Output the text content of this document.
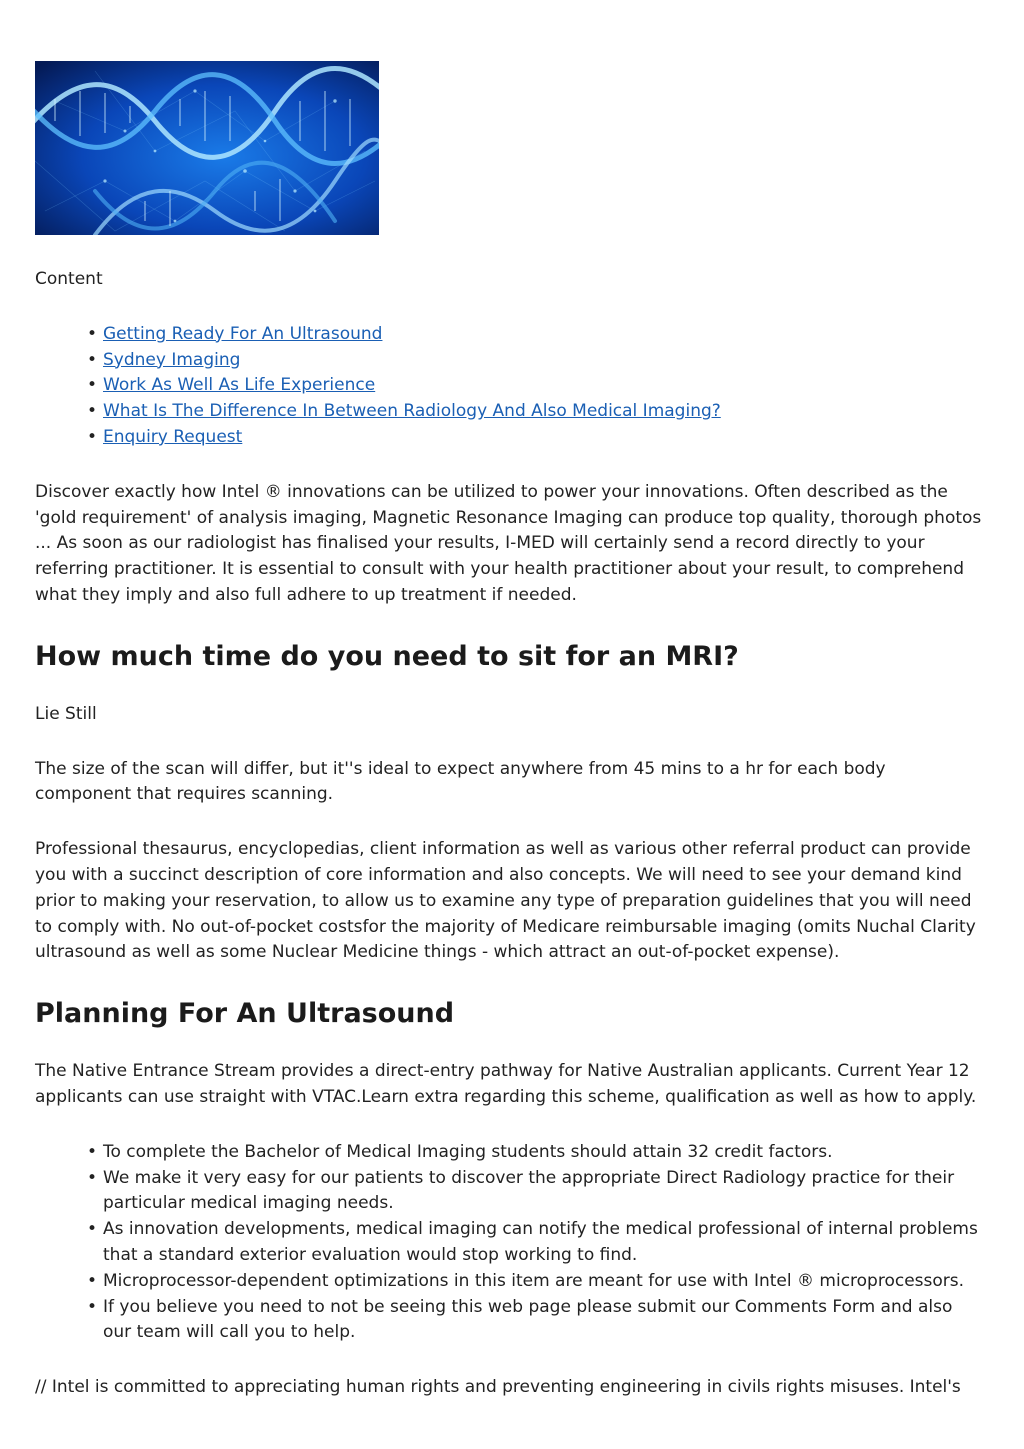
Content

• Getting Ready For An Ultrasound
• Sydney Imaging
• Work As Well As Life Experience
• What Is The Difference In Between Radiology And Also Medical Imaging?
• Enquiry Request

Discover exactly how Intel ® innovations can be utilized to power your innovations. Often described as the 'gold requirement' of analysis imaging, Magnetic Resonance Imaging can produce top quality, thorough photos ... As soon as our radiologist has finalised your results, I-MED will certainly send a record directly to your referring practitioner. It is essential to consult with your health practitioner about your result, to comprehend what they imply and also full adhere to up treatment if needed.

How much time do you need to sit for an MRI?

Lie Still

The size of the scan will differ, but it''s ideal to expect anywhere from 45 mins to a hr for each body component that requires scanning.

Professional thesaurus, encyclopedias, client information as well as various other referral product can provide you with a succinct description of core information and also concepts. We will need to see your demand kind prior to making your reservation, to allow us to examine any type of preparation guidelines that you will need to comply with. No out-of-pocket costsfor the majority of Medicare reimbursable imaging (omits Nuchal Clarity ultrasound as well as some Nuclear Medicine things - which attract an out-of-pocket expense).

Planning For An Ultrasound

The Native Entrance Stream provides a direct-entry pathway for Native Australian applicants. Current Year 12 applicants can use straight with VTAC.Learn extra regarding this scheme, qualification as well as how to apply.

• To complete the Bachelor of Medical Imaging students should attain 32 credit factors.
• We make it very easy for our patients to discover the appropriate Direct Radiology practice for their particular medical imaging needs.
• As innovation developments, medical imaging can notify the medical professional of internal problems that a standard exterior evaluation would stop working to find.
• Microprocessor-dependent optimizations in this item are meant for use with Intel ® microprocessors.
• If you believe you need to not be seeing this web page please submit our Comments Form and also our team will call you to help.

// Intel is committed to appreciating human rights and preventing engineering in civils rights misuses. Intel's
